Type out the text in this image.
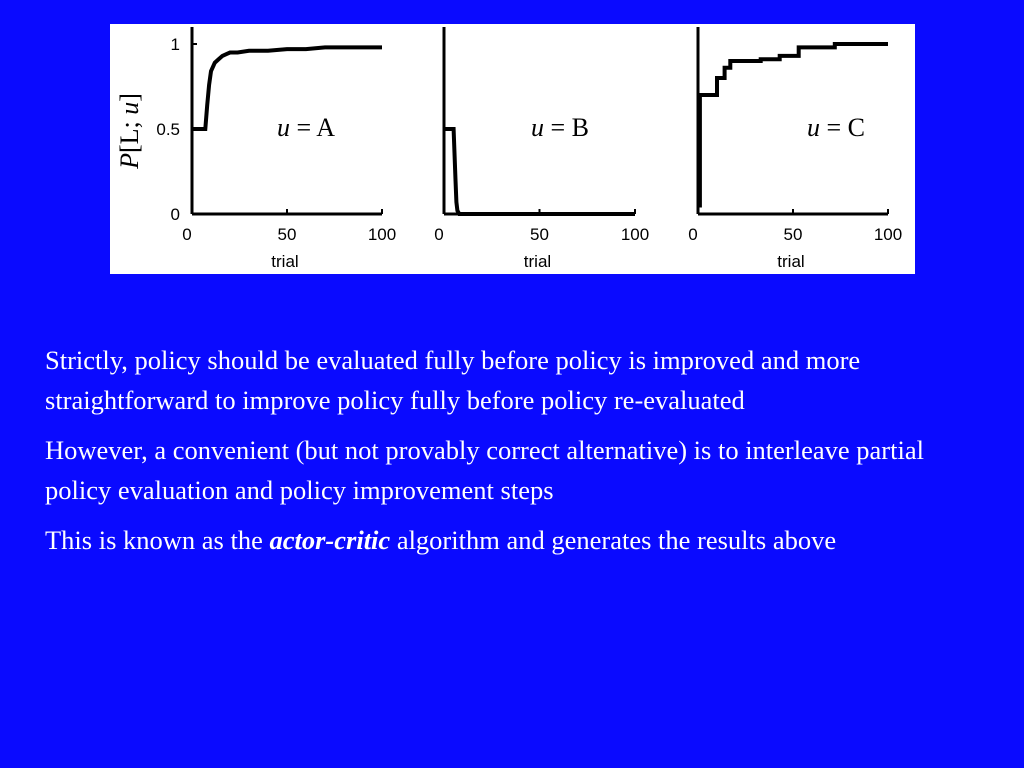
0	50	100
0
0.5
1
trial
P[L; u]
u = A
0	50	100
trial
u = B
0	50	100
trial
u = C

Strictly, policy should be evaluated fully before policy is improved and more straightforward to improve policy fully before policy re-evaluated

However, a convenient (but not provably correct alternative) is to interleave partial policy evaluation and policy improvement steps

This is known as the actor-critic algorithm and generates the results above
